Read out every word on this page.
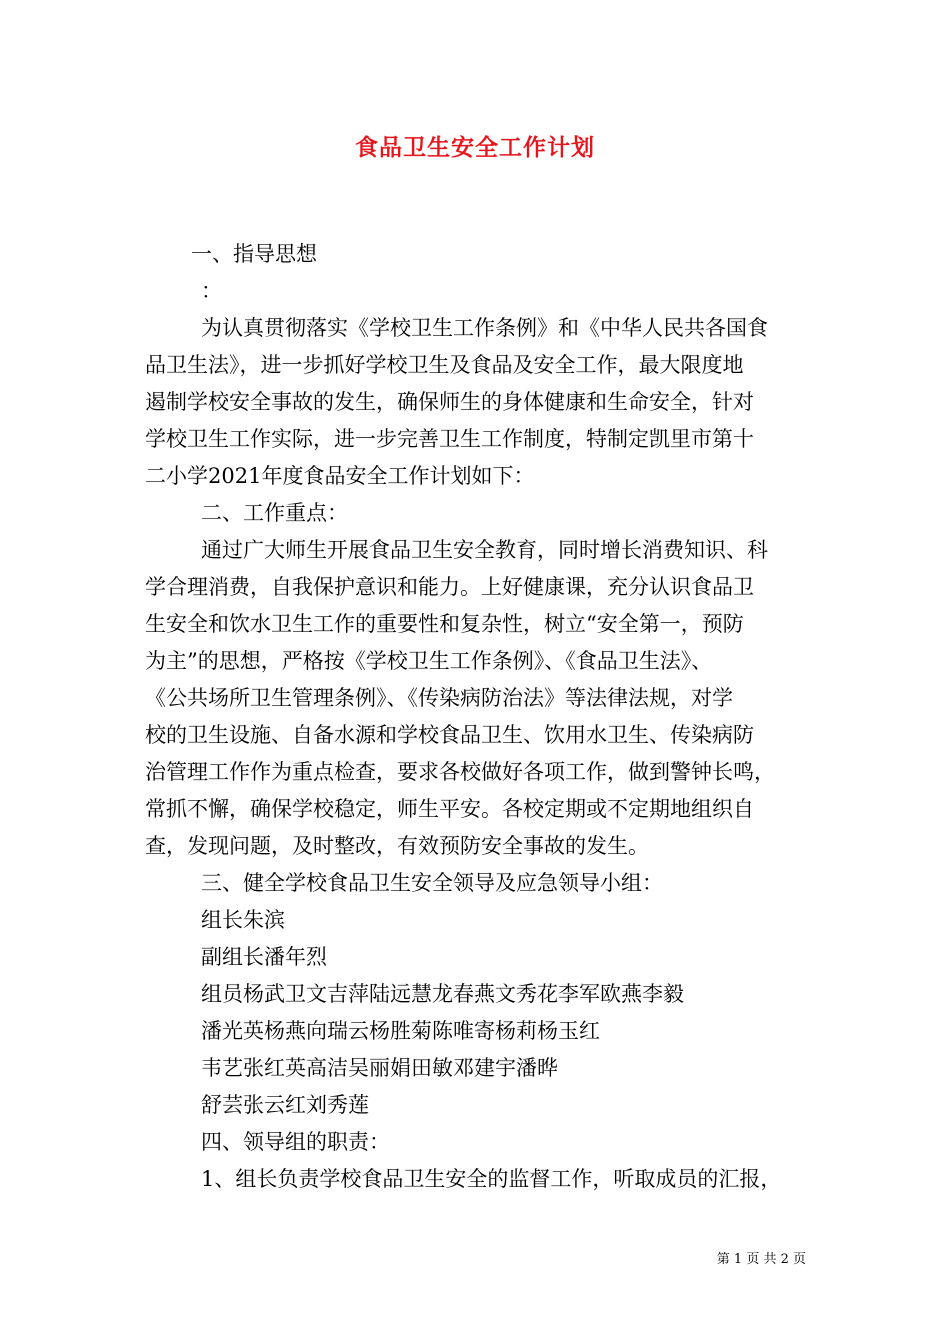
食品卫生安全工作计划
一、指导思想
：
为认真贯彻落实《学校卫生工作条例》和《中华人民共各国食
品卫生法》，进一步抓好学校卫生及食品及安全工作，最大限度地
遏制学校安全事故的发生，确保师生的身体健康和生命安全，针对
学校卫生工作实际，进一步完善卫生工作制度，特制定凯里市第十
二小学2021年度食品安全工作计划如下：
二、工作重点：
通过广大师生开展食品卫生安全教育，同时增长消费知识、科
学合理消费，自我保护意识和能力。上好健康课，充分认识食品卫
生安全和饮水卫生工作的重要性和复杂性，树立“安全第一，预防
为主”的思想，严格按《学校卫生工作条例》、《食品卫生法》、
《公共场所卫生管理条例》、《传染病防治法》等法律法规，对学
校的卫生设施、自备水源和学校食品卫生、饮用水卫生、传染病防
治管理工作作为重点检查，要求各校做好各项工作，做到警钟长鸣，
常抓不懈，确保学校稳定，师生平安。各校定期或不定期地组织自
查，发现问题，及时整改，有效预防安全事故的发生。
三、健全学校食品卫生安全领导及应急领导小组：
组长朱滨
副组长潘年烈
组员杨武卫文吉萍陆远慧龙春燕文秀花李军欧燕李毅
潘光英杨燕向瑞云杨胜菊陈唯寄杨莉杨玉红
韦艺张红英高洁吴丽娟田敏邓建宇潘晔
舒芸张云红刘秀莲
四、领导组的职责：
1、组长负责学校食品卫生安全的监督工作，听取成员的汇报，
第 1 页 共 2 页
